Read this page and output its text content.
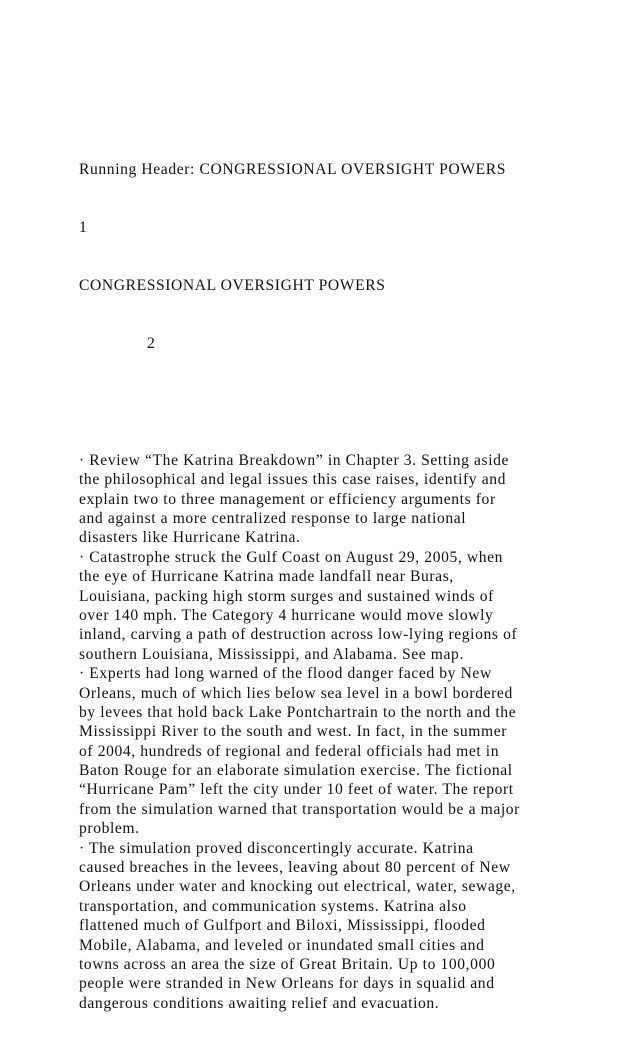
Running Header: CONGRESSIONAL OVERSIGHT POWERS

1

CONGRESSIONAL OVERSIGHT POWERS

2

· Review “The Katrina Breakdown” in Chapter 3. Setting aside
the philosophical and legal issues this case raises, identify and
explain two to three management or efficiency arguments for
and against a more centralized response to large national
disasters like Hurricane Katrina.
· Catastrophe struck the Gulf Coast on August 29, 2005, when
the eye of Hurricane Katrina made landfall near Buras,
Louisiana, packing high storm surges and sustained winds of
over 140 mph. The Category 4 hurricane would move slowly
inland, carving a path of destruction across low-lying regions of
southern Louisiana, Mississippi, and Alabama. See map.
· Experts had long warned of the flood danger faced by New
Orleans, much of which lies below sea level in a bowl bordered
by levees that hold back Lake Pontchartrain to the north and the
Mississippi River to the south and west. In fact, in the summer
of 2004, hundreds of regional and federal officials had met in
Baton Rouge for an elaborate simulation exercise. The fictional
“Hurricane Pam” left the city under 10 feet of water. The report
from the simulation warned that transportation would be a major
problem.
· The simulation proved disconcertingly accurate. Katrina
caused breaches in the levees, leaving about 80 percent of New
Orleans under water and knocking out electrical, water, sewage,
transportation, and communication systems. Katrina also
flattened much of Gulfport and Biloxi, Mississippi, flooded
Mobile, Alabama, and leveled or inundated small cities and
towns across an area the size of Great Britain. Up to 100,000
people were stranded in New Orleans for days in squalid and
dangerous conditions awaiting relief and evacuation.
